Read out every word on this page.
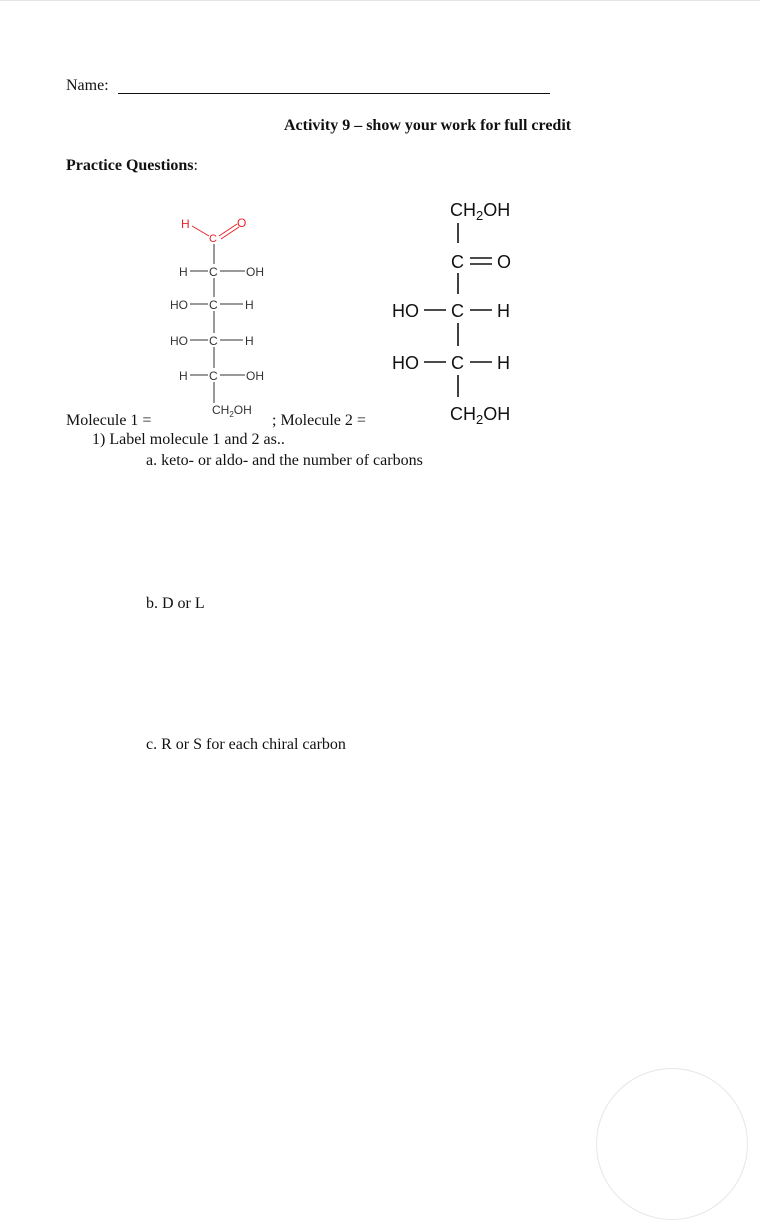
Name:
Activity 9 – show your work for full credit
Practice Questions:
H
C
O
H C OH
HO C H
HO C H
H C OH
$CH_2OH$
$CH_2OH$
C O
HO C H
HO C H
$CH_2OH$
Molecule 1 =	; Molecule 2 =
1) Label molecule 1 and 2 as..
a. keto- or aldo- and the number of carbons
b. D or L
c. R or S for each chiral carbon
